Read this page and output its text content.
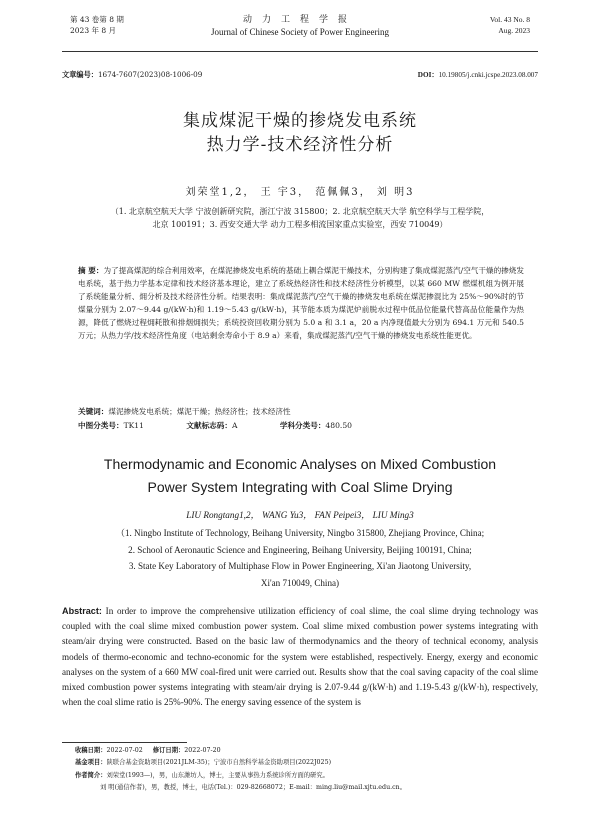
第 43 卷第 8 期
2023 年 8 月
动力工程学报
Journal of Chinese Society of Power Engineering
Vol. 43 No. 8
Aug. 2023
文章编号：1674-7607(2023)08-1006-09	DOI：10.19805/j.cnki.jcspe.2023.08.007
集成煤泥干燥的掺烧发电系统
热力学-技术经济性分析
刘荣堂1,2， 王 宇3， 范佩佩3， 刘 明3
（1. 北京航空航天大学 宁波创新研究院，浙江宁波 315800；2. 北京航空航天大学 航空科学与工程学院，
北京 100191；3. 西安交通大学 动力工程多相流国家重点实验室，西安 710049）
摘 要：为了提高煤泥的综合利用效率，在煤泥掺烧发电系统的基础上耦合煤泥干燥技术，分别构建了集成煤泥蒸汽/空气干燥的掺烧发电系统，基于热力学基本定律和技术经济基本理论，建立了系统热经济性和技术经济性分析模型，以某 660 MW 燃煤机组为例开展了系统能量分析、㶲分析及技术经济性分析。结果表明：集成煤泥蒸汽/空气干燥的掺烧发电系统在煤泥掺混比为 25%～90%时的节煤量分别为 2.07～9.44 g/(kW·h)和 1.19～5.43 g/(kW·h)，其节能本质为煤泥炉前脱水过程中低品位能量代替高品位能量作为热源，降低了燃烧过程㶲耗散和排烟㶲损失；系统投资回收期分别为 5.0 a 和 3.1 a，20 a 内净现值最大分别为 694.1 万元和 540.5 万元；从热力学/技术经济性角度（电站剩余寿命小于 8.9 a）来看，集成煤泥蒸汽/空气干燥的掺烧发电系统性能更优。
关键词：煤泥掺烧发电系统；煤泥干燥；热经济性；技术经济性
中图分类号：TK11	文献标志码：A	学科分类号：480.50
Thermodynamic and Economic Analyses on Mixed Combustion
Power System Integrating with Coal Slime Drying
LIU Rongtang1,2， WANG Yu3， FAN Peipei3， LIU Ming3
（1. Ningbo Institute of Technology, Beihang University, Ningbo 315800, Zhejiang Province, China;
2. School of Aeronautic Science and Engineering, Beihang University, Beijing 100191, China;
3. State Key Laboratory of Multiphase Flow in Power Engineering, Xi'an Jiaotong University,
Xi'an 710049, China)
Abstract: In order to improve the comprehensive utilization efficiency of coal slime, the coal slime drying technology was coupled with the coal slime mixed combustion power system. Coal slime mixed combustion power systems integrating with steam/air drying were constructed. Based on the basic law of thermodynamics and the theory of technical economy, analysis models of thermo-economic and techno-economic for the system were established, respectively. Energy, exergy and economic analyses on the system of a 660 MW coal-fired unit were carried out. Results show that the coal saving capacity of the coal slime mixed combustion power systems integrating with steam/air drying is 2.07-9.44 g/(kW·h) and 1.19-5.43 g/(kW·h), respectively, when the coal slime ratio is 25%-90%. The energy saving essence of the system is
收稿日期：2022-07-02 修订日期：2022-07-20
基金项目：陕联合基金资助项目(2021JLM-35)；宁波市自然科学基金资助项目(2022J025)
作者简介：刘荣堂(1993—)，男，山东潍坊人，博士，主要从事热力系统诊所方面的研究。
刘 明(通信作者)，男，教授，博士，电话(Tel.)：029-82668072；E-mail：ming.liu@mail.xjtu.edu.cn。
